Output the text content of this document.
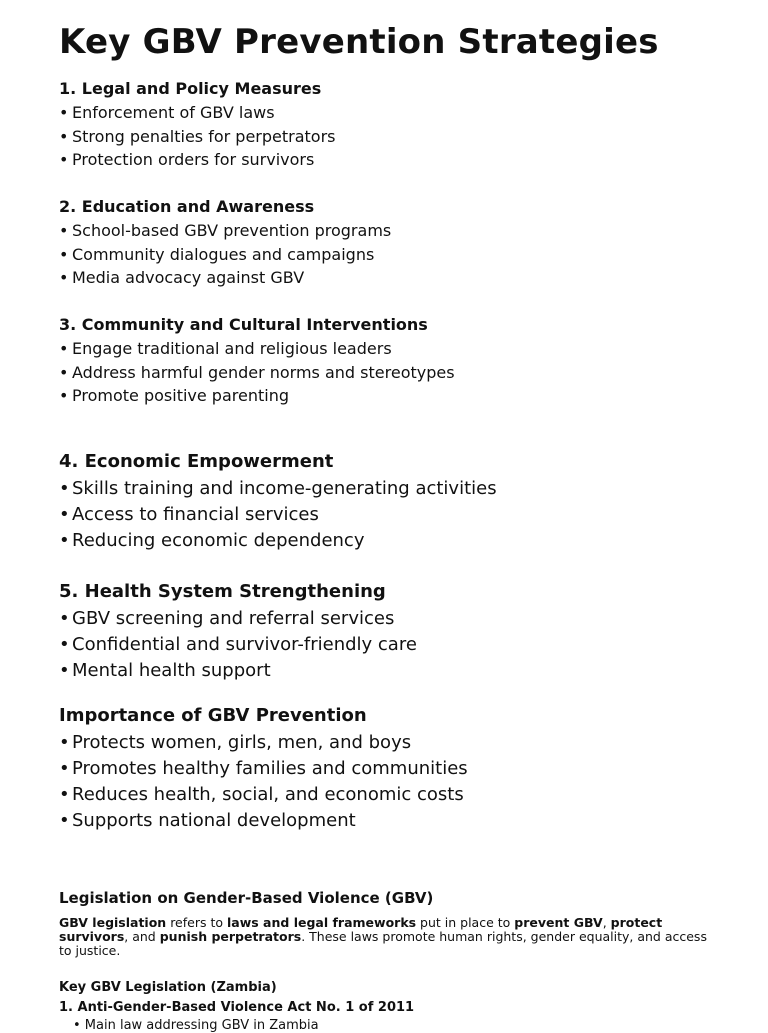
Key GBV Prevention Strategies
1. Legal and Policy Measures
• Enforcement of GBV laws
• Strong penalties for perpetrators
• Protection orders for survivors
2. Education and Awareness
• School-based GBV prevention programs
• Community dialogues and campaigns
• Media advocacy against GBV
3. Community and Cultural Interventions
• Engage traditional and religious leaders
• Address harmful gender norms and stereotypes
• Promote positive parenting
4. Economic Empowerment
• Skills training and income-generating activities
• Access to financial services
• Reducing economic dependency
5. Health System Strengthening
• GBV screening and referral services
• Confidential and survivor-friendly care
• Mental health support
Importance of GBV Prevention
• Protects women, girls, men, and boys
• Promotes healthy families and communities
• Reduces health, social, and economic costs
• Supports national development
Legislation on Gender-Based Violence (GBV)

GBV legislation refers to laws and legal frameworks put in place to prevent GBV, protect survivors, and punish perpetrators. These laws promote human rights, gender equality, and access to justice.

Key GBV Legislation (Zambia)
1. Anti-Gender-Based Violence Act No. 1 of 2011

• Main law addressing GBV in Zambia
